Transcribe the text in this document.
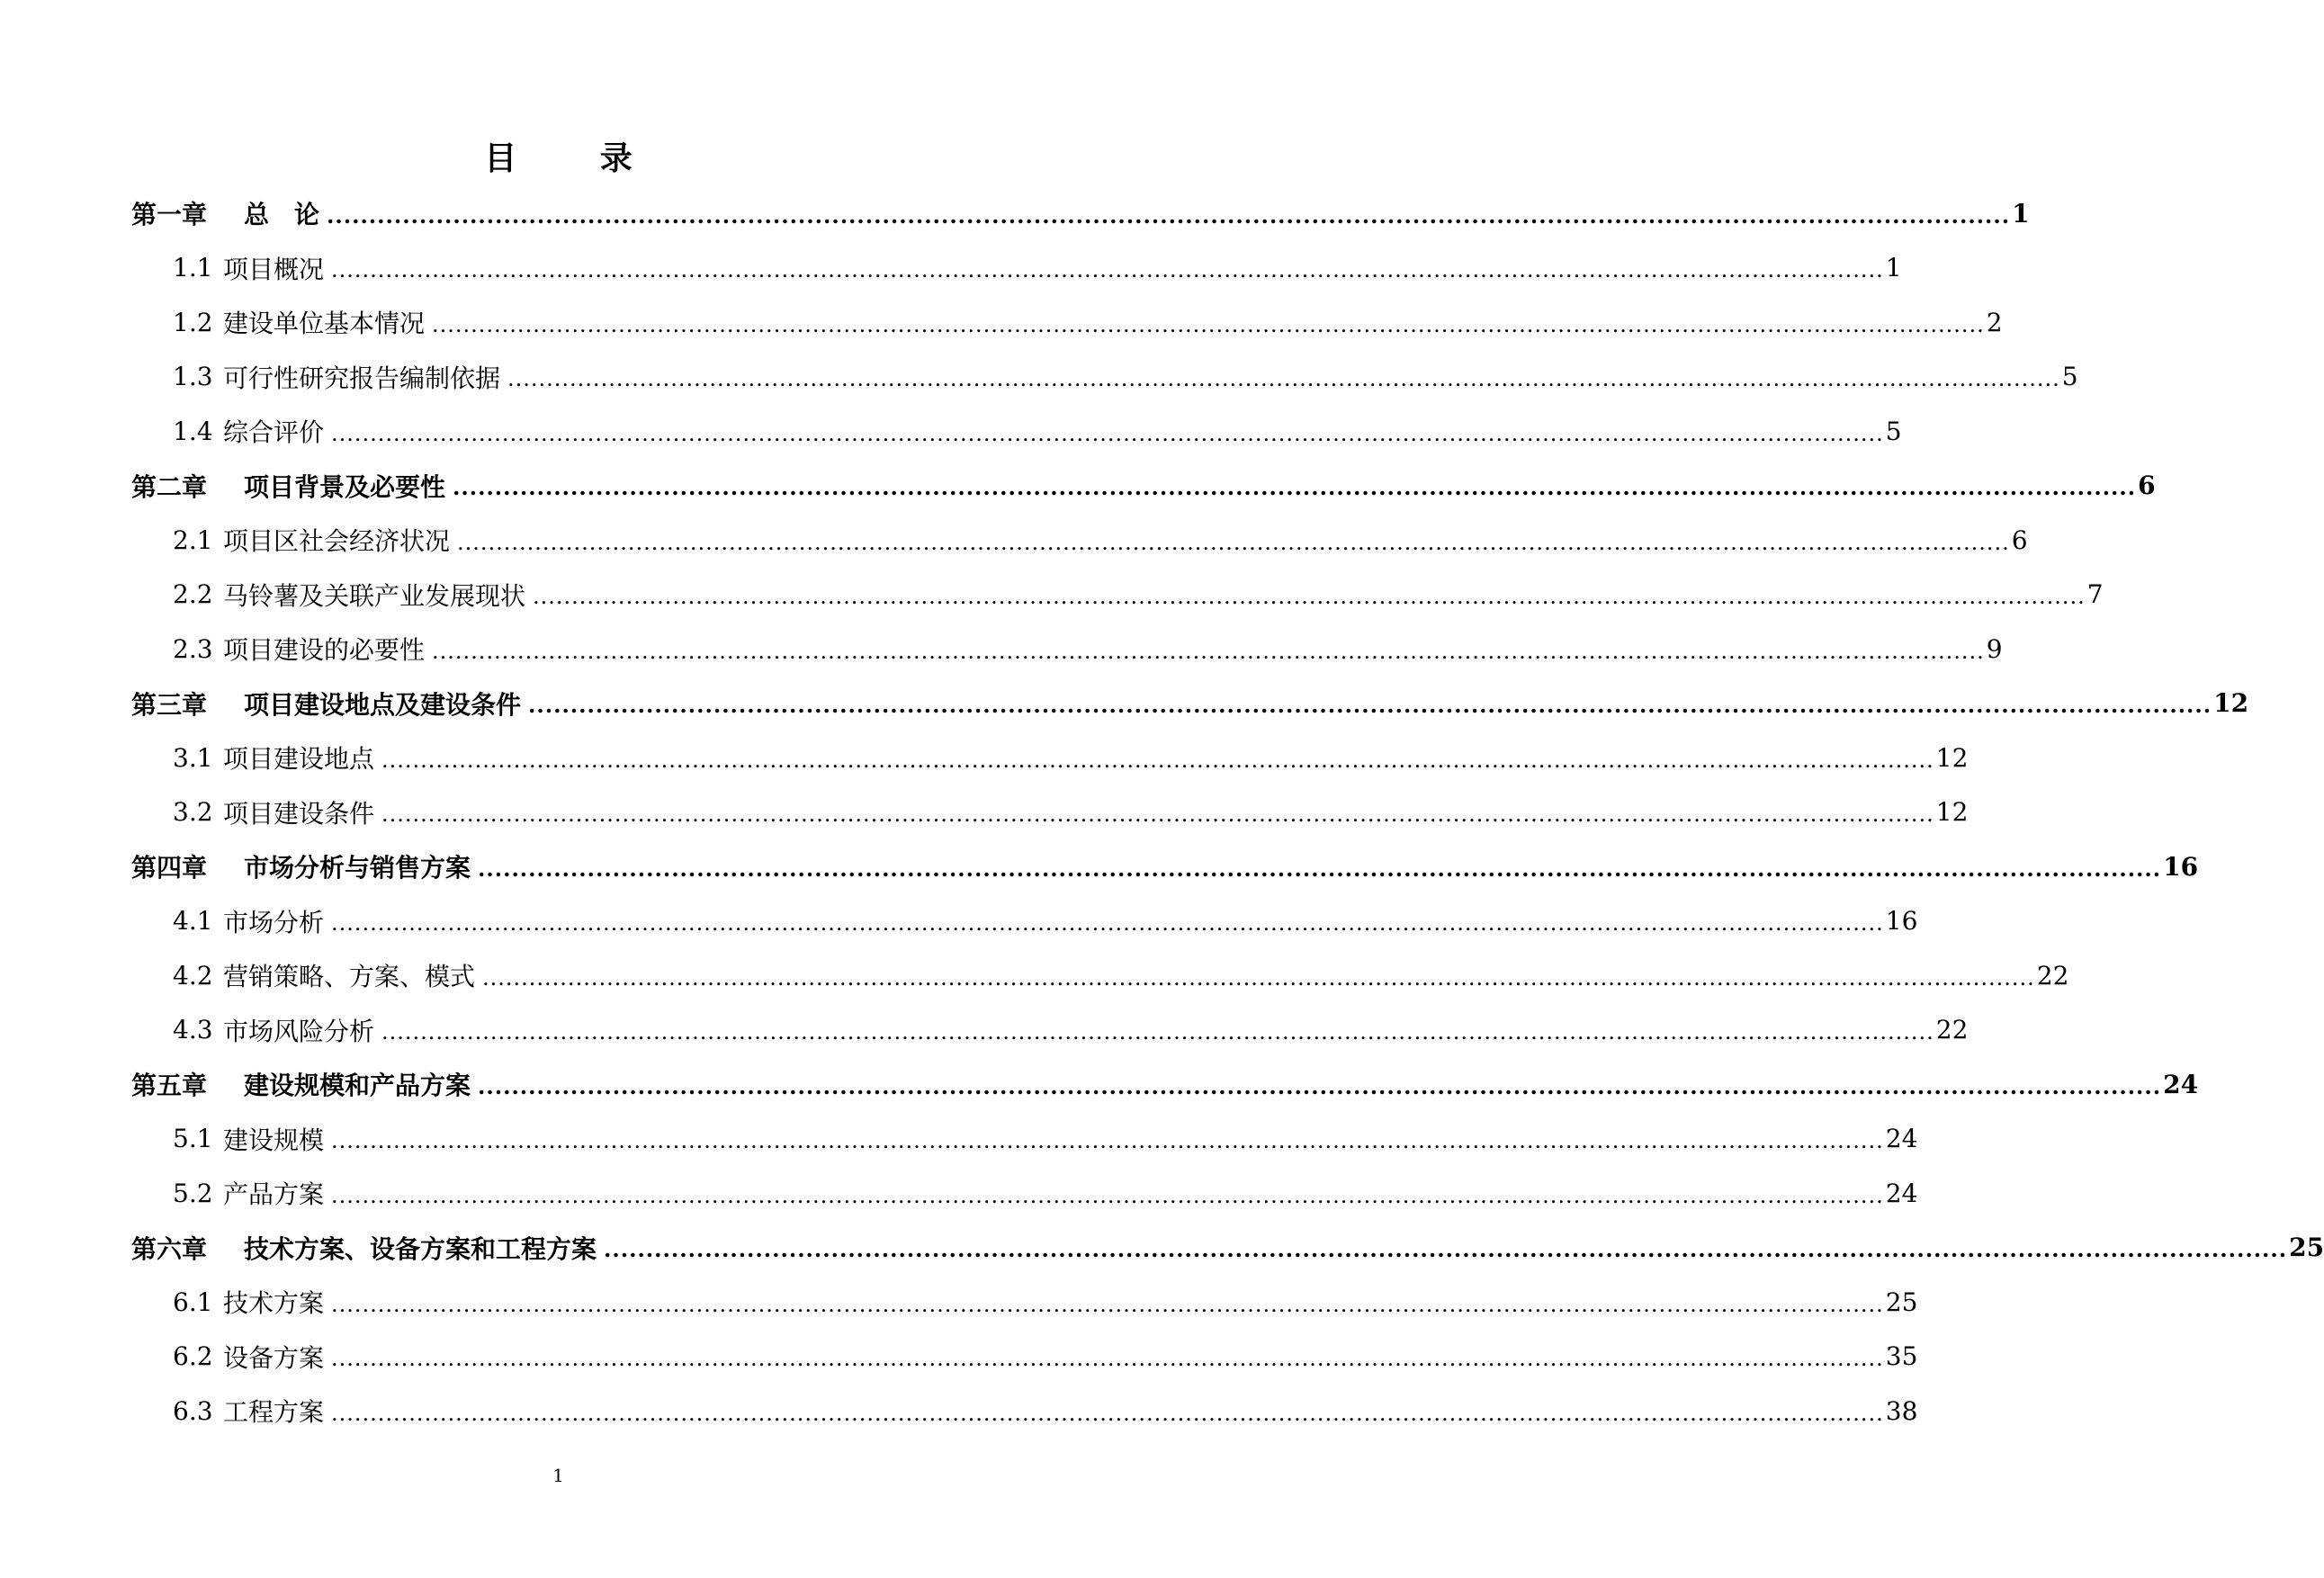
目 录
第一章	总　论 ........................................................................................................................................................................................................ 1
1.1 项目概况 ........................................................................................................................................................................................................ 1
1.2 建设单位基本情况 ........................................................................................................................................................................................................ 2
1.3 可行性研究报告编制依据 ........................................................................................................................................................................................................ 5
1.4 综合评价 ........................................................................................................................................................................................................ 5
第二章	项目背景及必要性 ........................................................................................................................................................................................................ 6
2.1 项目区社会经济状况 ........................................................................................................................................................................................................ 6
2.2 马铃薯及关联产业发展现状 ........................................................................................................................................................................................................ 7
2.3 项目建设的必要性 ........................................................................................................................................................................................................ 9
第三章	项目建设地点及建设条件 ........................................................................................................................................................................................................ 12
3.1 项目建设地点 ........................................................................................................................................................................................................ 12
3.2 项目建设条件 ........................................................................................................................................................................................................ 12
第四章	市场分析与销售方案 ........................................................................................................................................................................................................ 16
4.1 市场分析 ........................................................................................................................................................................................................ 16
4.2 营销策略、方案、模式 ........................................................................................................................................................................................................ 22
4.3 市场风险分析 ........................................................................................................................................................................................................ 22
第五章	建设规模和产品方案 ........................................................................................................................................................................................................ 24
5.1 建设规模 ........................................................................................................................................................................................................ 24
5.2 产品方案 ........................................................................................................................................................................................................ 24
第六章	技术方案、设备方案和工程方案 ........................................................................................................................................................................................................ 25
6.1 技术方案 ........................................................................................................................................................................................................ 25
6.2 设备方案 ........................................................................................................................................................................................................ 35
6.3 工程方案 ........................................................................................................................................................................................................ 38
1
